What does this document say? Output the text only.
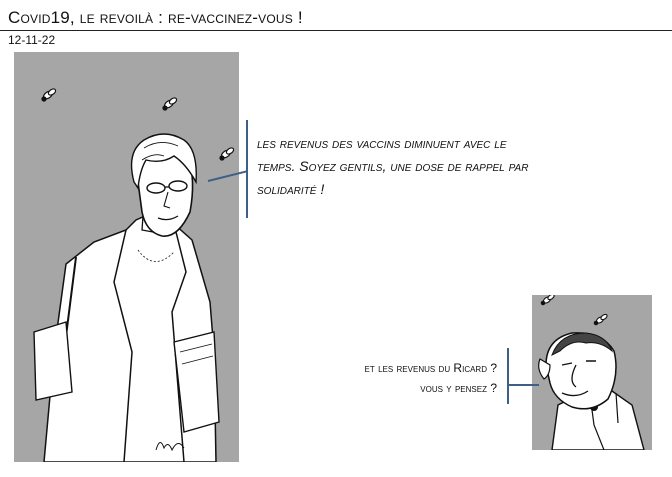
Covid19, le revoilà : re-vaccinez-vous !
12-11-22
les revenus des vaccins diminuent avec le
temps. Soyez gentils, une dose de rappel par
solidarité !
et les revenus du Ricard ?
vous y pensez ?
